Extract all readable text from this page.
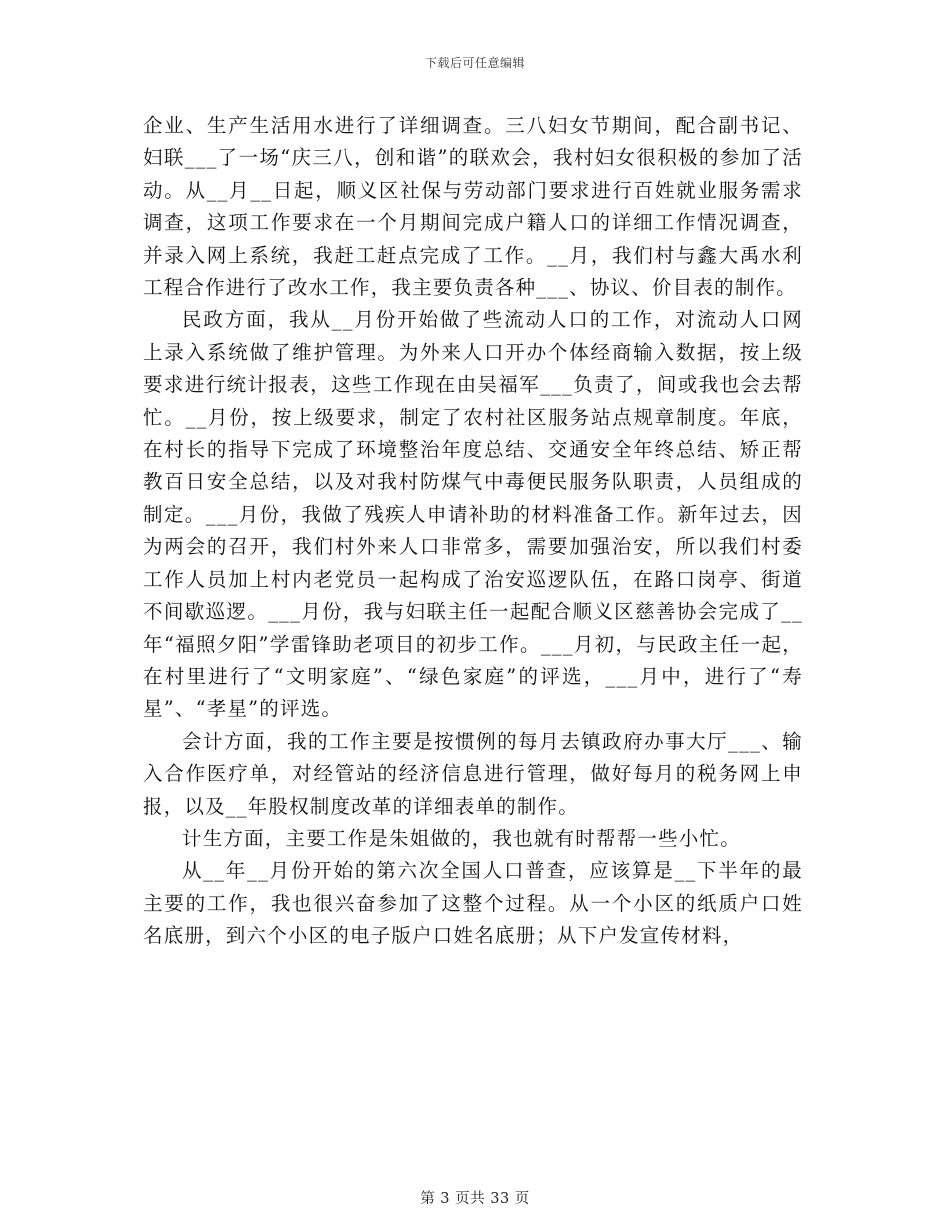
下载后可任意编辑

企业、生产生活用水进行了详细调查。三八妇女节期间，配合副书记、妇联___了一场“庆三八，创和谐”的联欢会，我村妇女很积极的参加了活动。从__月__日起，顺义区社保与劳动部门要求进行百姓就业服务需求调查，这项工作要求在一个月期间完成户籍人口的详细工作情况调查，并录入网上系统，我赶工赶点完成了工作。__月，我们村与鑫大禹水利工程合作进行了改水工作，我主要负责各种___、协议、价目表的制作。

民政方面，我从__月份开始做了些流动人口的工作，对流动人口网上录入系统做了维护管理。为外来人口开办个体经商输入数据，按上级要求进行统计报表，这些工作现在由吴福军___负责了，间或我也会去帮忙。__月份，按上级要求，制定了农村社区服务站点规章制度。年底，在村长的指导下完成了环境整治年度总结、交通安全年终总结、矫正帮教百日安全总结，以及对我村防煤气中毒便民服务队职责，人员组成的制定。___月份，我做了残疾人申请补助的材料准备工作。新年过去，因为两会的召开，我们村外来人口非常多，需要加强治安，所以我们村委工作人员加上村内老党员一起构成了治安巡逻队伍，在路口岗亭、街道不间歇巡逻。___月份，我与妇联主任一起配合顺义区慈善协会完成了__年“福照夕阳”学雷锋助老项目的初步工作。___月初，与民政主任一起，在村里进行了“文明家庭”、“绿色家庭”的评选，___月中，进行了“寿星”、“孝星”的评选。

会计方面，我的工作主要是按惯例的每月去镇政府办事大厅___、输入合作医疗单，对经管站的经济信息进行管理，做好每月的税务网上申报，以及__年股权制度改革的详细表单的制作。

计生方面，主要工作是朱姐做的，我也就有时帮帮一些小忙。

从__年__月份开始的第六次全国人口普查，应该算是__下半年的最主要的工作，我也很兴奋参加了这整个过程。从一个小区的纸质户口姓名底册，到六个小区的电子版户口姓名底册；从下户发宣传材料，

第 3 页共 33 页
